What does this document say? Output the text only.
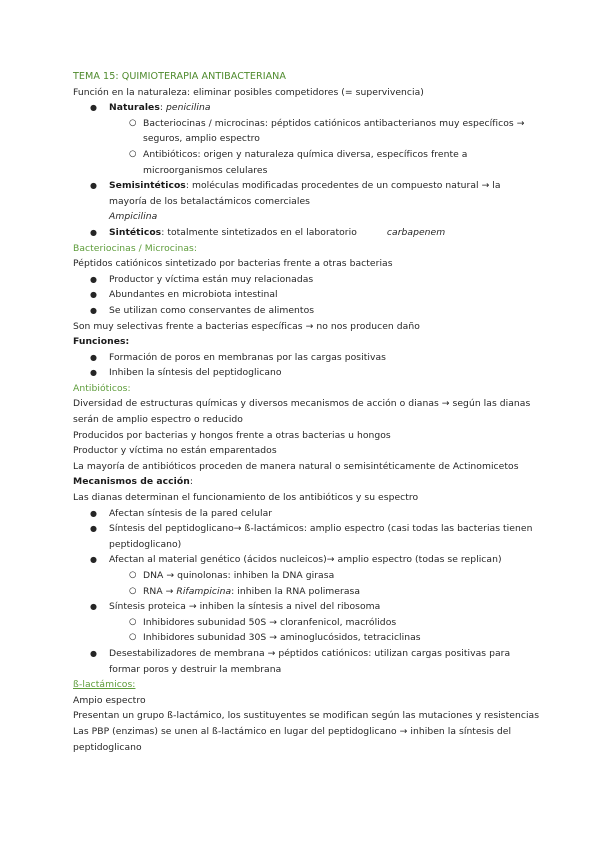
TEMA 15: QUIMIOTERAPIA ANTIBACTERIANA

Función en la naturaleza: eliminar posibles competidores (= supervivencia)

●	Naturales: penicilina
○ Bacteriocinas / microcinas: péptidos catiónicos antibacterianos muy específicos → seguros, amplio espectro
○ Antibióticos: origen y naturaleza química diversa, específicos frente a microorganismos celulares
●	Semisintéticos: moléculas modificadas procedentes de un compuesto natural → la mayoría de los betalactámicos comerciales

Ampicilina

●	Sintéticos: totalmente sintetizados en el laboratorio	carbapenem

Bacteriocinas / Microcinas:

Péptidos catiónicos sintetizado por bacterias frente a otras bacterias

●	Productor y víctima están muy relacionadas
●	Abundantes en microbiota intestinal
●	Se utilizan como conservantes de alimentos

Son muy selectivas frente a bacterias específicas → no nos producen daño

Funciones:

●	Formación de poros en membranas por las cargas positivas
●	Inhiben la síntesis del peptidoglicano

Antibióticos:

Diversidad de estructuras químicas y diversos mecanismos de acción o dianas → según las dianas serán de amplio espectro o reducido

Producidos por bacterias y hongos frente a otras bacterias u hongos

Productor y víctima no están emparentados

La mayoría de antibióticos proceden de manera natural o semisintéticamente de Actinomicetos

Mecanismos de acción:

Las dianas determinan el funcionamiento de los antibióticos y su espectro

●	Afectan síntesis de la pared celular
●	Síntesis del peptidoglicano→ ß-lactámicos: amplio espectro (casi todas las bacterias tienen peptidoglicano)
●	Afectan al material genético (ácidos nucleicos)→ amplio espectro (todas se replican)
○ DNA → quinolonas: inhiben la DNA girasa
○ RNA → Rifampicina: inhiben la RNA polimerasa
●	Síntesis proteica → inhiben la síntesis a nivel del ribosoma
○ Inhibidores subunidad 50S → cloranfenicol, macrólidos
○ Inhibidores subunidad 30S → aminoglucósidos, tetraciclinas
●	Desestabilizadores de membrana → péptidos catiónicos: utilizan cargas positivas para formar poros y destruir la membrana

ß-lactámicos:

Ampio espectro

Presentan un grupo ß-lactámico, los sustituyentes se modifican según las mutaciones y resistencias

Las PBP (enzimas) se unen al ß-lactámico en lugar del peptidoglicano → inhiben la síntesis del peptidoglicano
